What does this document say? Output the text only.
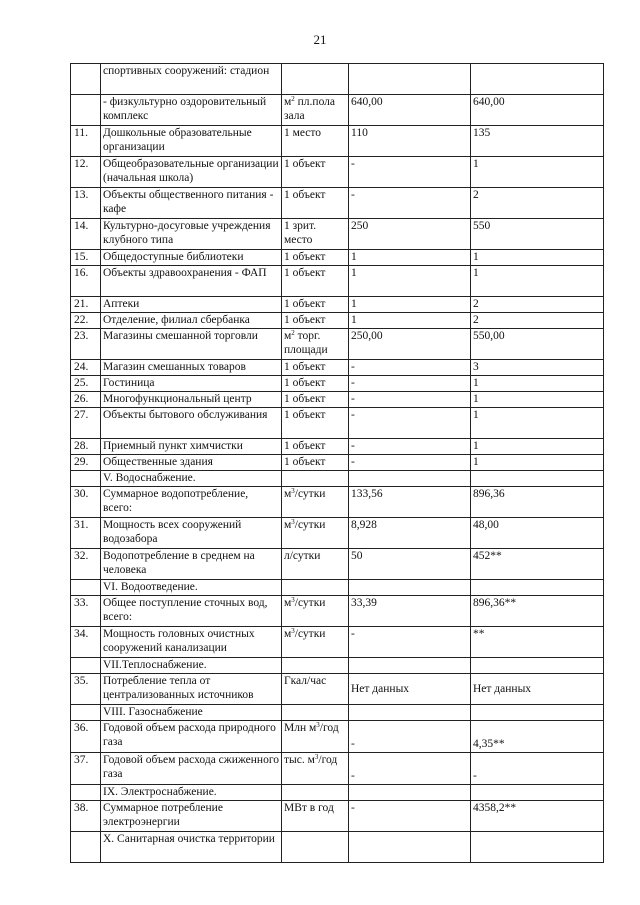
21
	спортивных сооружений: стадион			
	- физкультурно оздоровительный комплекс	$м^2$ пл.пола зала	640,00	640,00
11.	Дошкольные образовательные организации	1 место	110	135
12.	Общеобразовательные организации (начальная школа)	1 объект	-	1
13.	Объекты общественного питания - кафе	1 объект	-	2
14.	Культурно-досуговые учреждения клубного типа	1 зрит. место	250	550
15.	Общедоступные библиотеки	1 объект	1	1
16.	Объекты здравоохранения - ФАП	1 объект	1	1
21.	Аптеки	1 объект	1	2
22.	Отделение, филиал сбербанка	1 объект	1	2
23.	Магазины смешанной торговли	$м^2$ торг. площади	250,00	550,00
24.	Магазин смешанных товаров	1 объект	-	3
25.	Гостиница	1 объект	-	1
26.	Многофункциональный центр	1 объект	-	1
27.	Объекты бытового обслуживания	1 объект	-	1
28.	Приемный пункт химчистки	1 объект	-	1
29.	Общественные здания	1 объект	-	1
	V. Водоснабжение.			
30.	Суммарное водопотребление, всего:	$м^3$/сутки	133,56	896,36
31.	Мощность всех сооружений водозабора	$м^3$/сутки	8,928	48,00
32.	Водопотребление в среднем на человека	л/сутки	50	452**
	VI. Водоотведение.			
33.	Общее поступление сточных вод, всего:	$м^3$/сутки	33,39	896,36**
34.	Мощность головных очистных сооружений канализации	$м^3$/сутки	-	**
	VII.Теплоснабжение.			
35.	Потребление тепла от централизованных источников	Гкал/час	Нет данных	Нет данных
	VIII. Газоснабжение			
36.	Годовой объем расхода природного газа	Млн $м^3$/год	-	4,35**
37.	Годовой объем расхода сжиженного газа	тыс. $м^3$/год	-	-
	IX. Электроснабжение.			
38.	Суммарное потребление электроэнергии	МВт в год	-	4358,2**
	X. Санитарная очистка территории			
